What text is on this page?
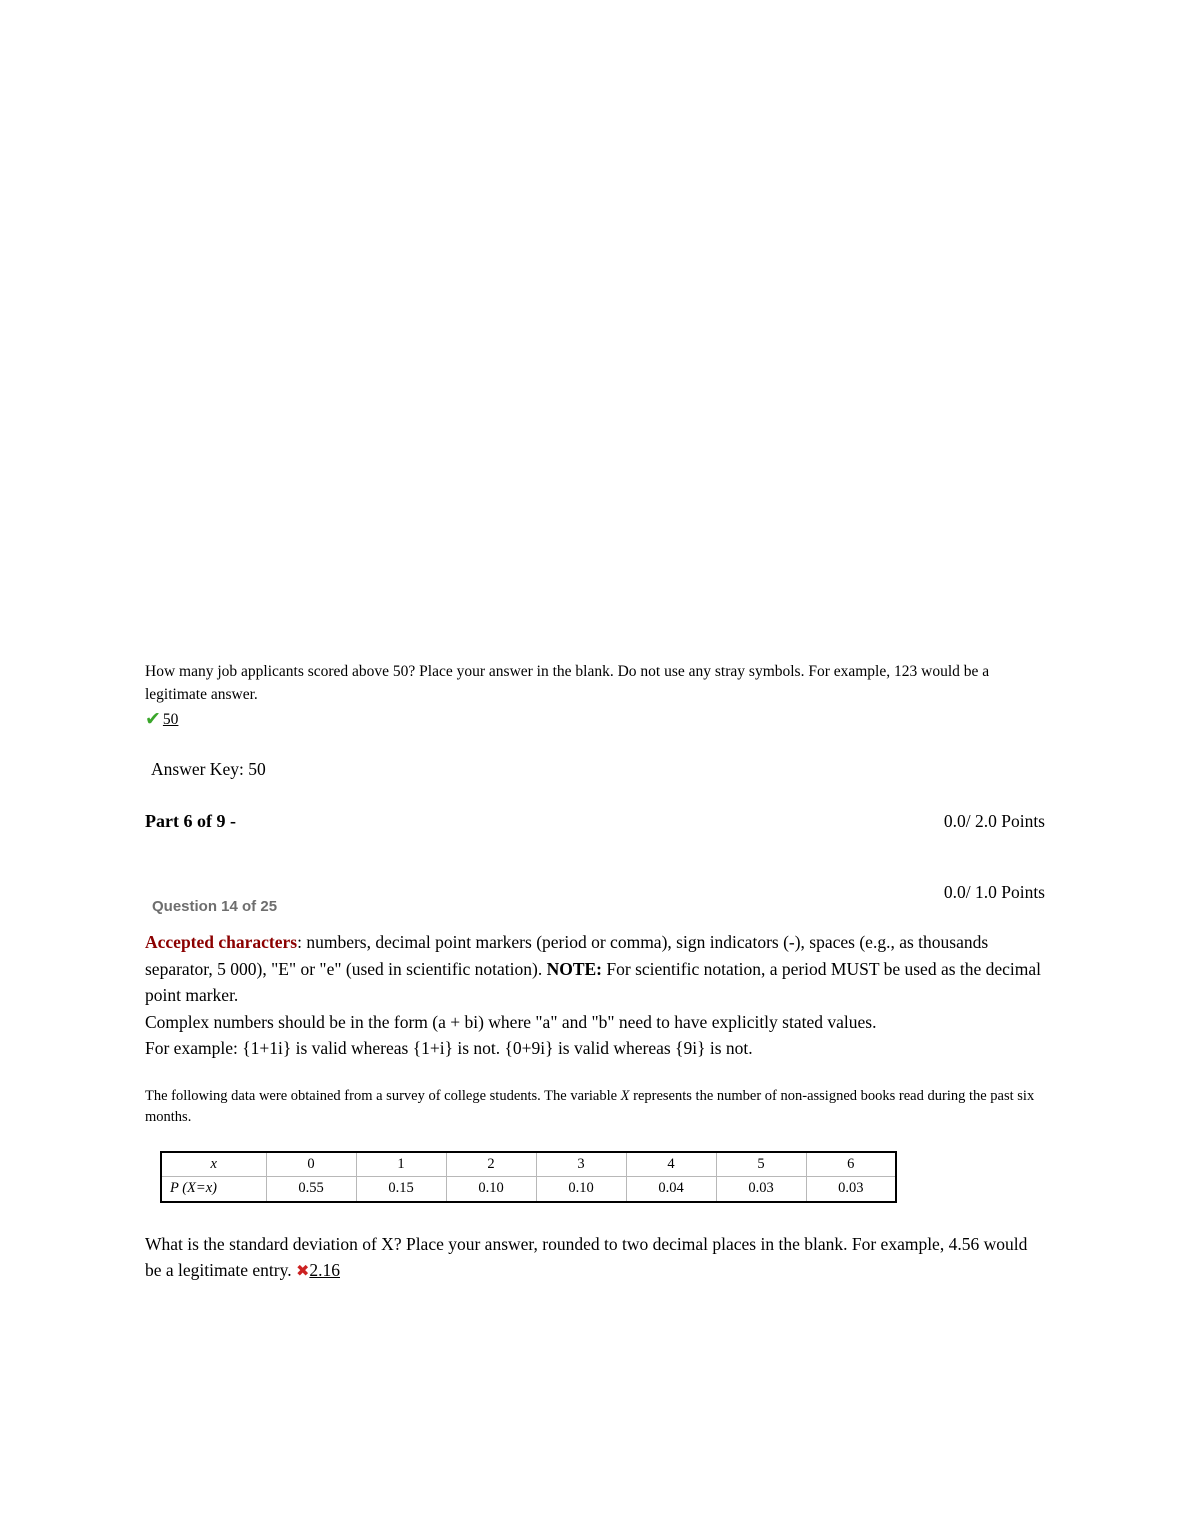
How many job applicants scored above 50? Place your answer in the blank. Do not use any stray symbols. For example, 123 would be a legitimate answer.
✔ 50
Answer Key: 50
Part 6 of 9 -	0.0/ 2.0 Points
Question 14 of 25
0.0/ 1.0 Points
Accepted characters: numbers, decimal point markers (period or comma), sign indicators (-), spaces (e.g., as thousands separator, 5 000), "E" or "e" (used in scientific notation). NOTE: For scientific notation, a period MUST be used as the decimal point marker.
Complex numbers should be in the form (a + bi) where "a" and "b" need to have explicitly stated values.
For example: {1+1i} is valid whereas {1+i} is not. {0+9i} is valid whereas {9i} is not.
The following data were obtained from a survey of college students. The variable X represents the number of non-assigned books read during the past six months.
x	0	1	2	3	4	5	6
P (X=x)	0.55	0.15	0.10	0.10	0.04	0.03	0.03
What is the standard deviation of X? Place your answer, rounded to two decimal places in the blank. For example, 4.56 would be a legitimate entry. ✖2.16
